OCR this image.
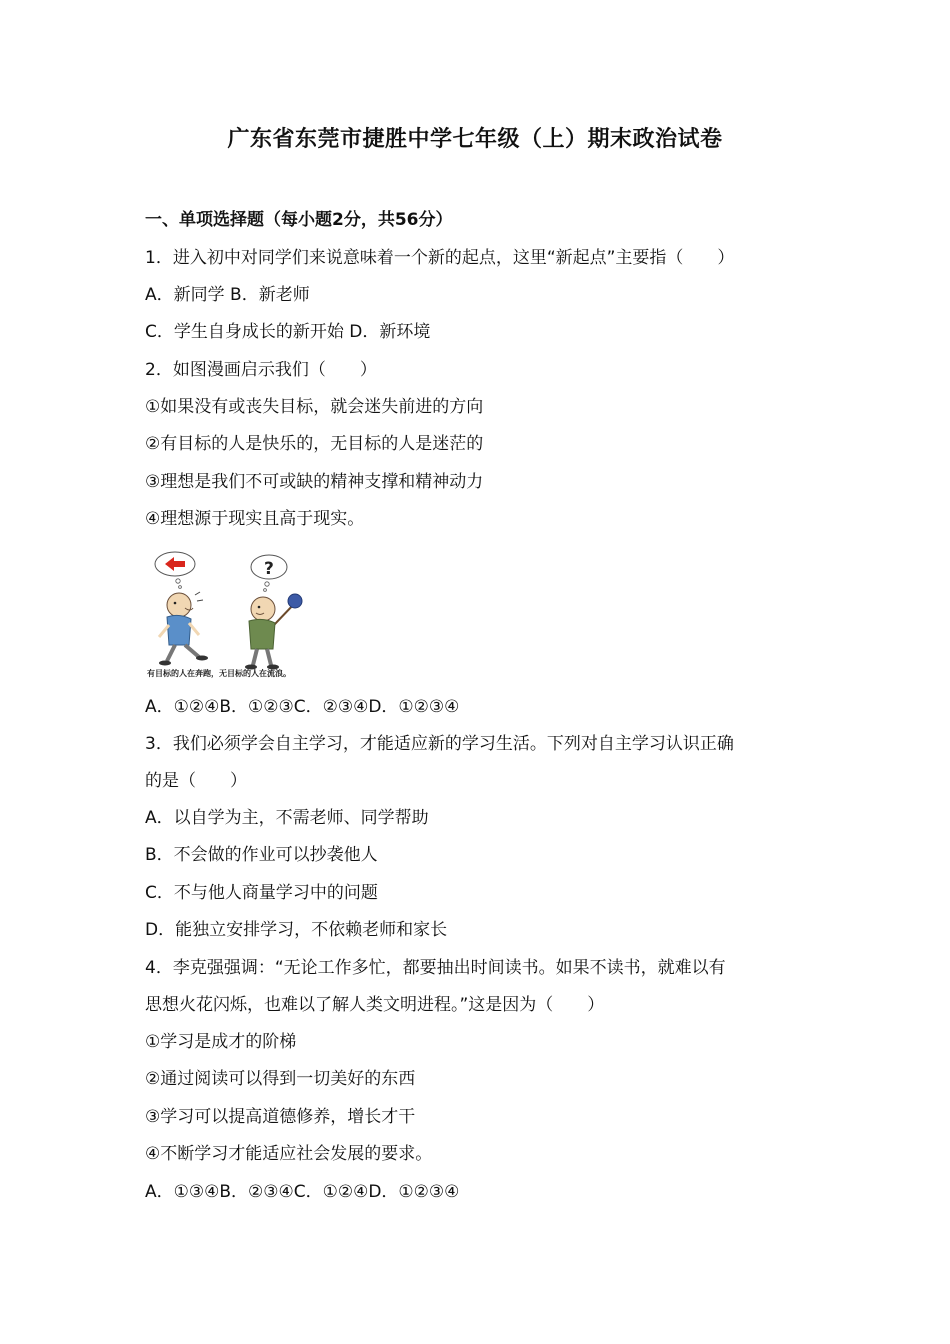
广东省东莞市捷胜中学七年级（上）期末政治试卷
一、单项选择题（每小题2分，共56分）
1．进入初中对同学们来说意味着一个新的起点，这里“新起点”主要指（　　）
A．新同学 B．新老师
C．学生自身成长的新开始 D．新环境
2．如图漫画启示我们（　　）
①如果没有或丧失目标，就会迷失前进的方向
②有目标的人是快乐的，无目标的人是迷茫的
③理想是我们不可或缺的精神支撑和精神动力
④理想源于现实且高于现实。
?
有目标的人在奔跑，无目标的人在流浪。
A．①②④B．①②③C．②③④D．①②③④
3．我们必须学会自主学习，才能适应新的学习生活。下列对自主学习认识正确
的是（　　）
A．以自学为主，不需老师、同学帮助
B．不会做的作业可以抄袭他人
C．不与他人商量学习中的问题
D．能独立安排学习，不依赖老师和家长
4．李克强强调：“无论工作多忙，都要抽出时间读书。如果不读书，就难以有
思想火花闪烁，也难以了解人类文明进程。”这是因为（　　）
①学习是成才的阶梯
②通过阅读可以得到一切美好的东西
③学习可以提高道德修养，增长才干
④不断学习才能适应社会发展的要求。
A．①③④B．②③④C．①②④D．①②③④
